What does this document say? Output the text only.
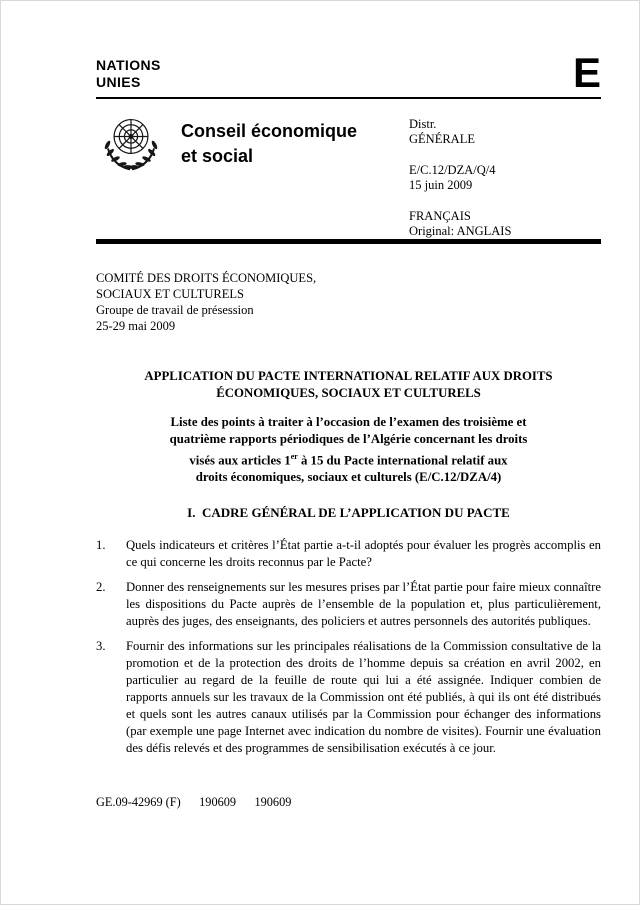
NATIONS
UNIES	E
Conseil économique
et social
Distr.
GÉNÉRALE
E/C.12/DZA/Q/4
15 juin 2009
FRANÇAIS
Original: ANGLAIS
COMITÉ DES DROITS ÉCONOMIQUES,
SOCIAUX ET CULTURELS
Groupe de travail de présession
25-29 mai 2009
APPLICATION DU PACTE INTERNATIONAL RELATIF AUX DROITS
ÉCONOMIQUES, SOCIAUX ET CULTURELS
Liste des points à traiter à l’occasion de l’examen des troisième et
quatrième rapports périodiques de l’Algérie concernant les droits
visés aux articles 1er à 15 du Pacte international relatif aux
droits économiques, sociaux et culturels (E/C.12/DZA/4)
I.  CADRE GÉNÉRAL DE L’APPLICATION DU PACTE
1. Quels indicateurs et critères l’État partie a-t-il adoptés pour évaluer les progrès accomplis en ce qui concerne les droits reconnus par le Pacte?
2. Donner des renseignements sur les mesures prises par l’État partie pour faire mieux connaître les dispositions du Pacte auprès de l’ensemble de la population et, plus particulièrement, auprès des juges, des enseignants, des policiers et autres personnels des autorités publiques.
3. Fournir des informations sur les principales réalisations de la Commission consultative de la promotion et de la protection des droits de l’homme depuis sa création en avril 2002, en particulier au regard de la feuille de route qui lui a été assignée. Indiquer combien de rapports annuels sur les travaux de la Commission ont été publiés, à qui ils ont été distribués et quels sont les autres canaux utilisés par la Commission pour échanger des informations (par exemple une page Internet avec indication du nombre de visites). Fournir une évaluation des défis relevés et des programmes de sensibilisation exécutés à ce jour.
GE.09-42969 (F)      190609      190609
